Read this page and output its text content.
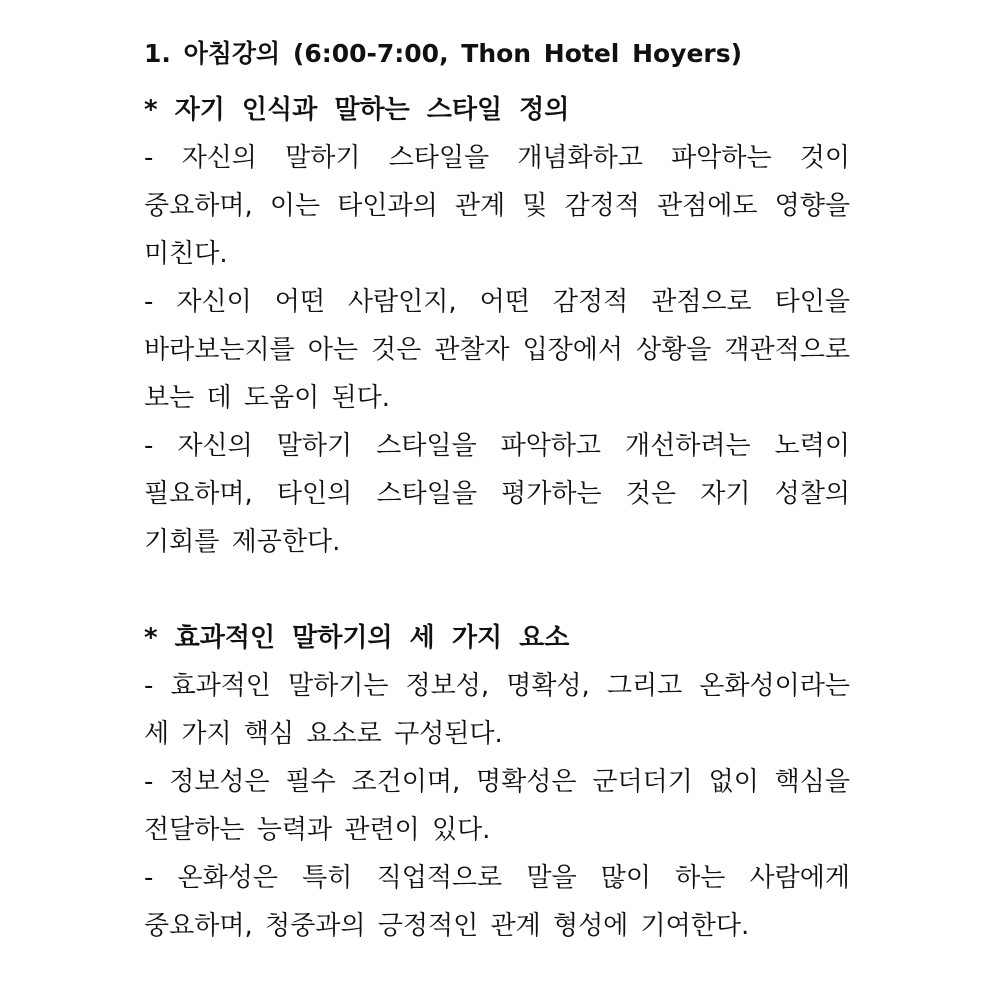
1. 아침강의 (6:00-7:00, Thon Hotel Hoyers)
* 자기 인식과 말하는 스타일 정의

- 자신의 말하기 스타일을 개념화하고 파악하는 것이 중요하며, 이는 타인과의 관계 및 감정적 관점에도 영향을 미친다.

- 자신이 어떤 사람인지, 어떤 감정적 관점으로 타인을 바라보는지를 아는 것은 관찰자 입장에서 상황을 객관적으로 보는 데 도움이 된다.

- 자신의 말하기 스타일을 파악하고 개선하려는 노력이 필요하며, 타인의 스타일을 평가하는 것은 자기 성찰의 기회를 제공한다.

* 효과적인 말하기의 세 가지 요소

- 효과적인 말하기는 정보성, 명확성, 그리고 온화성이라는 세 가지 핵심 요소로 구성된다.

- 정보성은 필수 조건이며, 명확성은 군더더기 없이 핵심을 전달하는 능력과 관련이 있다.

- 온화성은 특히 직업적으로 말을 많이 하는 사람에게 중요하며, 청중과의 긍정적인 관계 형성에 기여한다.
